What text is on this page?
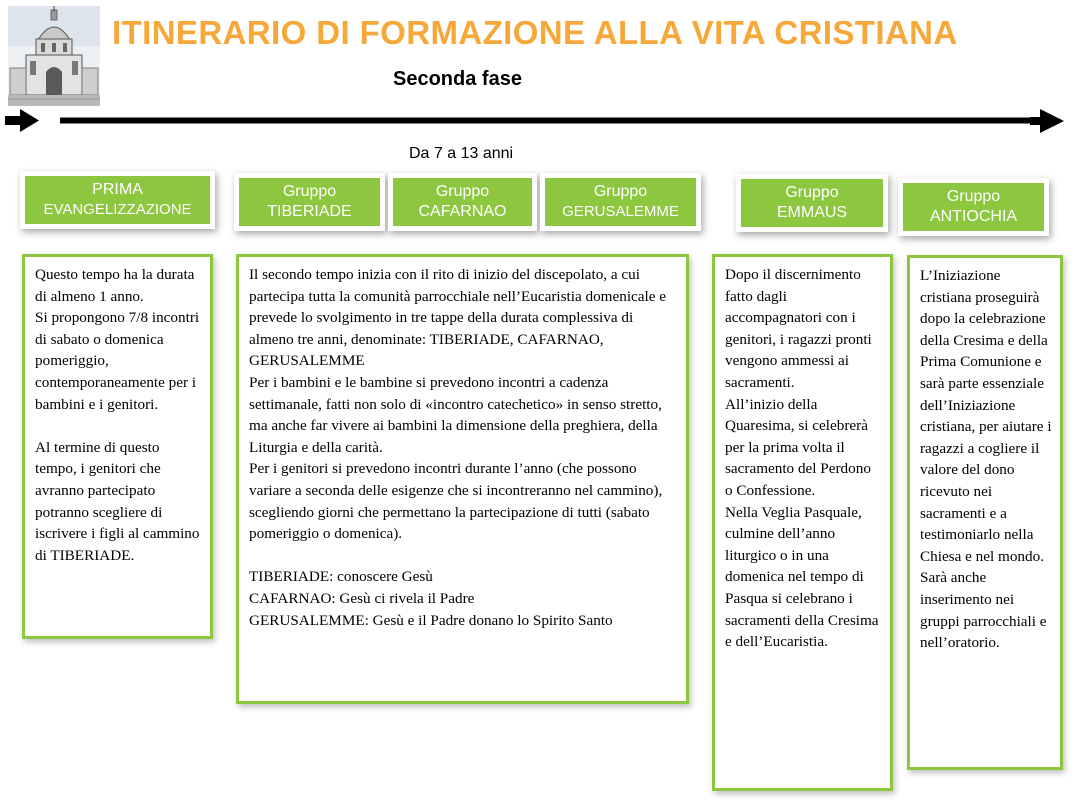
ITINERARIO DI FORMAZIONE ALLA VITA CRISTIANA
Seconda fase
Da 7 a 13 anni
PRIMA
EVANGELIZZAZIONE
Gruppo
TIBERIADE
Gruppo
CAFARNAO
Gruppo
GERUSALEMME
Gruppo
EMMAUS
Gruppo
ANTIOCHIA

Questo tempo ha la durata di almeno 1 anno.

Si propongono 7/8 incontri di sabato o domenica pomeriggio, contemporaneamente per i bambini e i genitori.

Al termine di questo tempo, i genitori che avranno partecipato potranno scegliere di iscrivere i figli al cammino di TIBERIADE.

Il secondo tempo inizia con il rito di inizio del discepolato, a cui partecipa tutta la comunità parrocchiale nell’Eucaristia domenicale e prevede lo svolgimento in tre tappe della durata complessiva di almeno tre anni, denominate: TIBERIADE, CAFARNAO, GERUSALEMME

Per i bambini e le bambine si prevedono incontri a cadenza settimanale, fatti non solo di «incontro catechetico» in senso stretto, ma anche far vivere ai bambini la dimensione della preghiera, della Liturgia e della carità.

Per i genitori si prevedono incontri durante l’anno (che possono variare a seconda delle esigenze che si incontreranno nel cammino), scegliendo giorni che permettano la partecipazione di tutti (sabato pomeriggio o domenica).

TIBERIADE: conoscere Gesù

CAFARNAO: Gesù ci rivela il Padre

GERUSALEMME: Gesù e il Padre donano lo Spirito Santo

Dopo il discernimento fatto dagli accompagnatori con i genitori, i ragazzi pronti vengono ammessi ai sacramenti.

All’inizio della Quaresima, si celebrerà per la prima volta il sacramento del Perdono o Confessione.

Nella Veglia Pasquale, culmine dell’anno liturgico o in una domenica nel tempo di Pasqua si celebrano i sacramenti della Cresima e dell’Eucaristia.

L’Iniziazione cristiana proseguirà dopo la celebrazione della Cresima e della Prima Comunione e sarà parte essenziale dell’Iniziazione cristiana, per aiutare i ragazzi a cogliere il valore del dono ricevuto nei sacramenti e a testimoniarlo nella Chiesa e nel mondo.

Sarà anche inserimento nei gruppi parrocchiali e nell’oratorio.
